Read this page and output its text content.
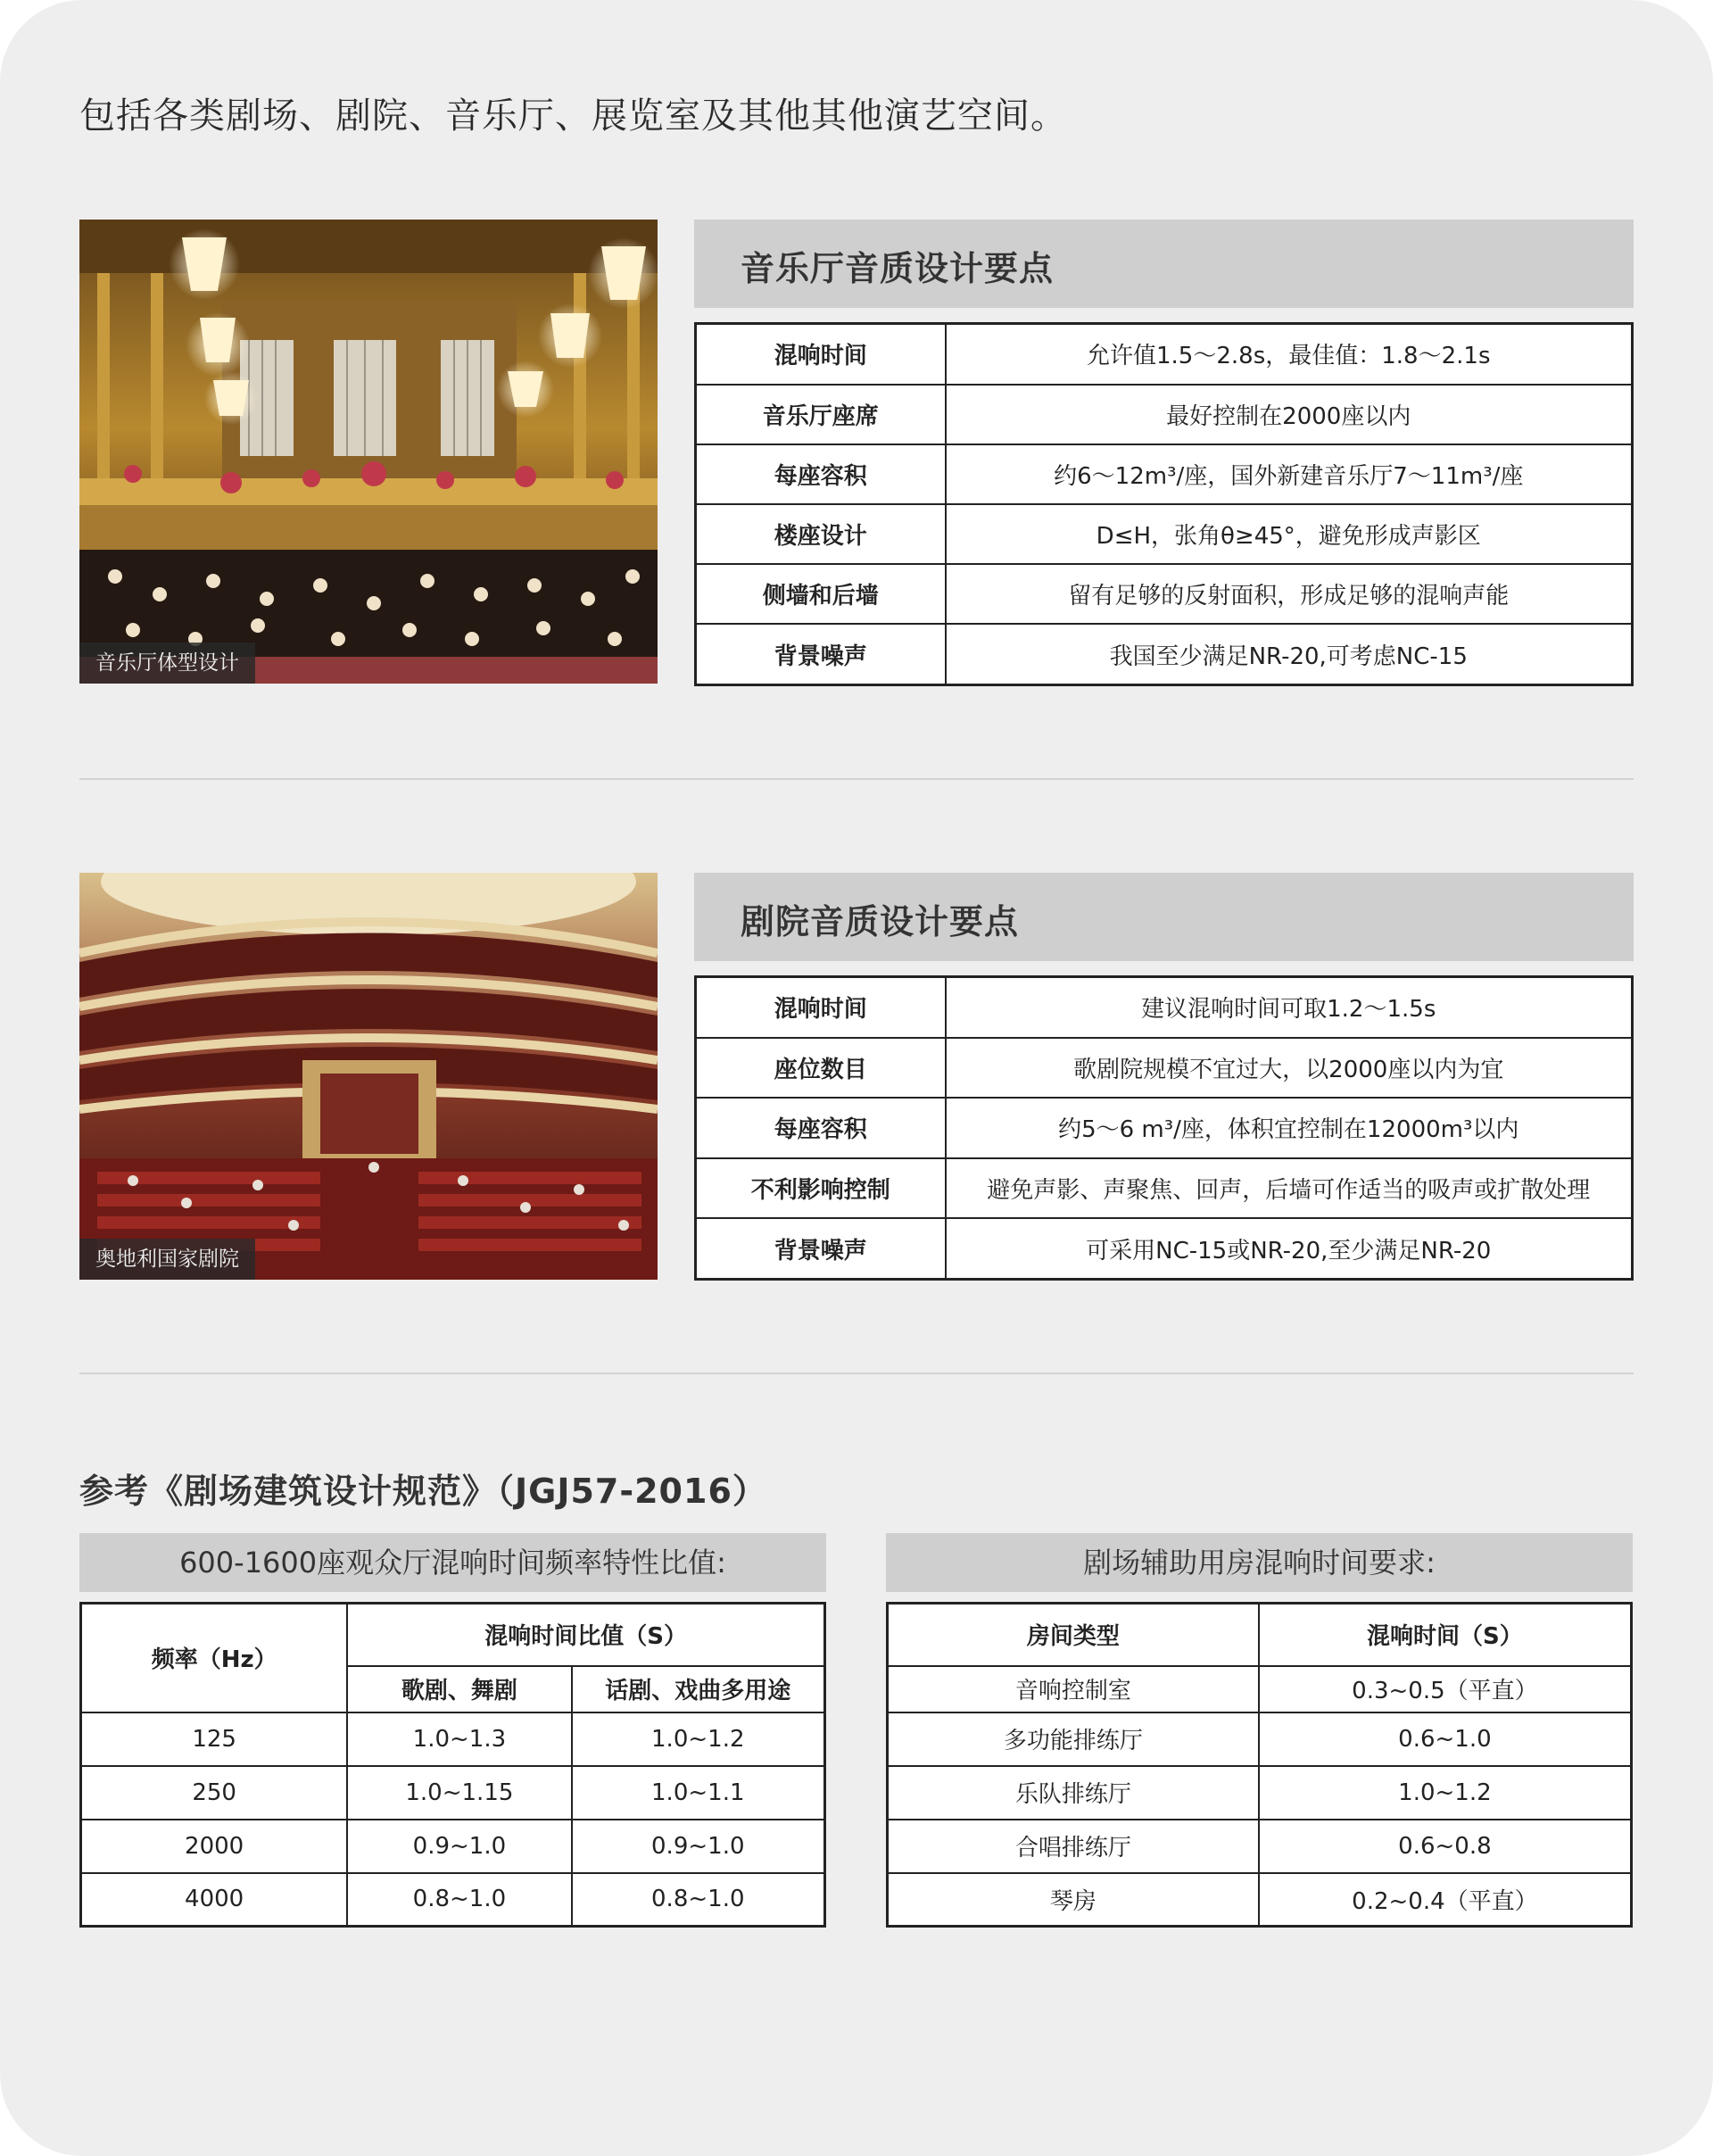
包括各类剧场、剧院、音乐厅、展览室及其他其他演艺空间。
音乐厅体型设计
音乐厅音质设计要点
混响时间	允许值1.5～2.8s，最佳值：1.8～2.1s
音乐厅座席	最好控制在2000座以内
每座容积	约6～12m³/座，国外新建音乐厅7～11m³/座
楼座设计	D≤H，张角θ≥45°，避免形成声影区
侧墙和后墙	留有足够的反射面积，形成足够的混响声能
背景噪声	我国至少满足NR-20,可考虑NC-15
奥地利国家剧院
剧院音质设计要点
混响时间	建议混响时间可取1.2～1.5s
座位数目	歌剧院规模不宜过大，以2000座以内为宜
每座容积	约5～6 m³/座，体积宜控制在12000m³以内
不利影响控制	避免声影、声聚焦、回声，后墙可作适当的吸声或扩散处理
背景噪声	可采用NC-15或NR-20,至少满足NR-20
参考《剧场建筑设计规范》（JGJ57-2016）
600-1600座观众厅混响时间频率特性比值:	剧场辅助用房混响时间要求:
频率（Hz）	混响时间比值（S）	
	歌剧、舞剧	话剧、戏曲多用途
125	1.0~1.3	1.0~1.2
250	1.0~1.15	1.0~1.1
2000	0.9~1.0	0.9~1.0
4000	0.8~1.0	0.8~1.0
房间类型	混响时间（S）
音响控制室	0.3~0.5（平直）
多功能排练厅	0.6~1.0
乐队排练厅	1.0~1.2
合唱排练厅	0.6~0.8
琴房	0.2~0.4（平直）
